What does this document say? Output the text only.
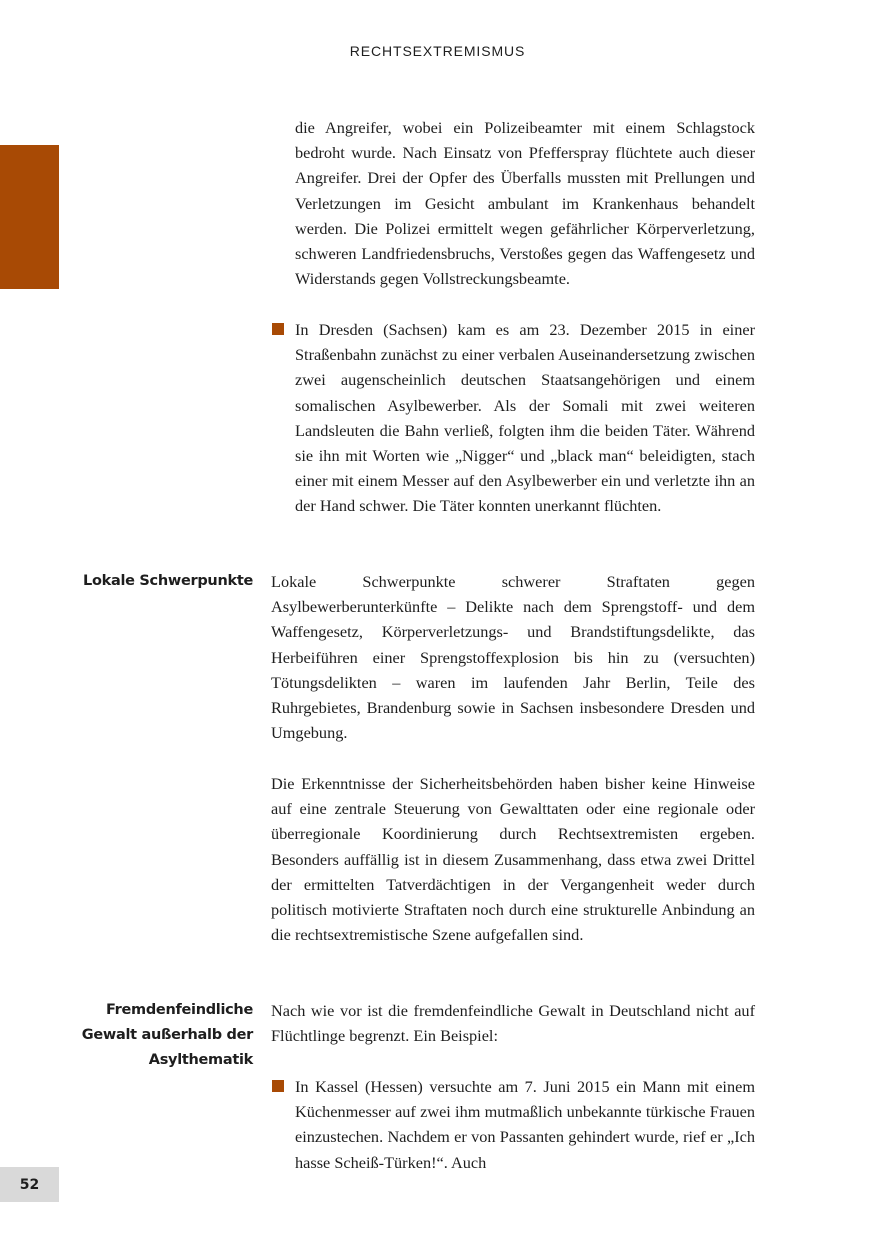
RECHTSEXTREMISMUS

die Angreifer, wobei ein Polizeibeamter mit einem Schlagstock bedroht wurde. Nach Einsatz von Pfefferspray flüchtete auch dieser Angreifer. Drei der Opfer des Überfalls mussten mit Prellungen und Verletzungen im Gesicht ambulant im Krankenhaus behandelt werden. Die Polizei ermittelt wegen gefährlicher Körperverletzung, schweren Landfriedensbruchs, Verstoßes gegen das Waffengesetz und Widerstands gegen Vollstreckungsbeamte.

In Dresden (Sachsen) kam es am 23. Dezember 2015 in einer Straßenbahn zunächst zu einer verbalen Auseinandersetzung zwischen zwei augenscheinlich deutschen Staatsangehörigen und einem somalischen Asylbewerber. Als der Somali mit zwei weiteren Landsleuten die Bahn verließ, folgten ihm die beiden Täter. Während sie ihn mit Worten wie „Nigger“ und „black man“ beleidigten, stach einer mit einem Messer auf den Asylbewerber ein und verletzte ihn an der Hand schwer. Die Täter konnten unerkannt flüchten.

Lokale Schwerpunkte Lokale Schwerpunkte schwerer Straftaten gegen Asylbewerberunterkünfte – Delikte nach dem Sprengstoff- und dem Waffengesetz, Körperverletzungs- und Brandstiftungsdelikte, das Herbeiführen einer Sprengstoffexplosion bis hin zu (versuchten) Tötungsdelikten – waren im laufenden Jahr Berlin, Teile des Ruhrgebietes, Brandenburg sowie in Sachsen insbesondere Dresden und Umgebung.

Die Erkenntnisse der Sicherheitsbehörden haben bisher keine Hinweise auf eine zentrale Steuerung von Gewalttaten oder eine regionale oder überregionale Koordinierung durch Rechtsextremisten ergeben. Besonders auffällig ist in diesem Zusammenhang, dass etwa zwei Drittel der ermittelten Tatverdächtigen in der Vergangenheit weder durch politisch motivierte Straftaten noch durch eine strukturelle Anbindung an die rechtsextremistische Szene aufgefallen sind.

Fremdenfeindliche
Gewalt außerhalb der
Asylthematik

Nach wie vor ist die fremdenfeindliche Gewalt in Deutschland nicht auf Flüchtlinge begrenzt. Ein Beispiel:

In Kassel (Hessen) versuchte am 7. Juni 2015 ein Mann mit einem Küchenmesser auf zwei ihm mutmaßlich unbekannte türkische Frauen einzustechen. Nachdem er von Passanten gehindert wurde, rief er „Ich hasse Scheiß-Türken!“. Auch

52
